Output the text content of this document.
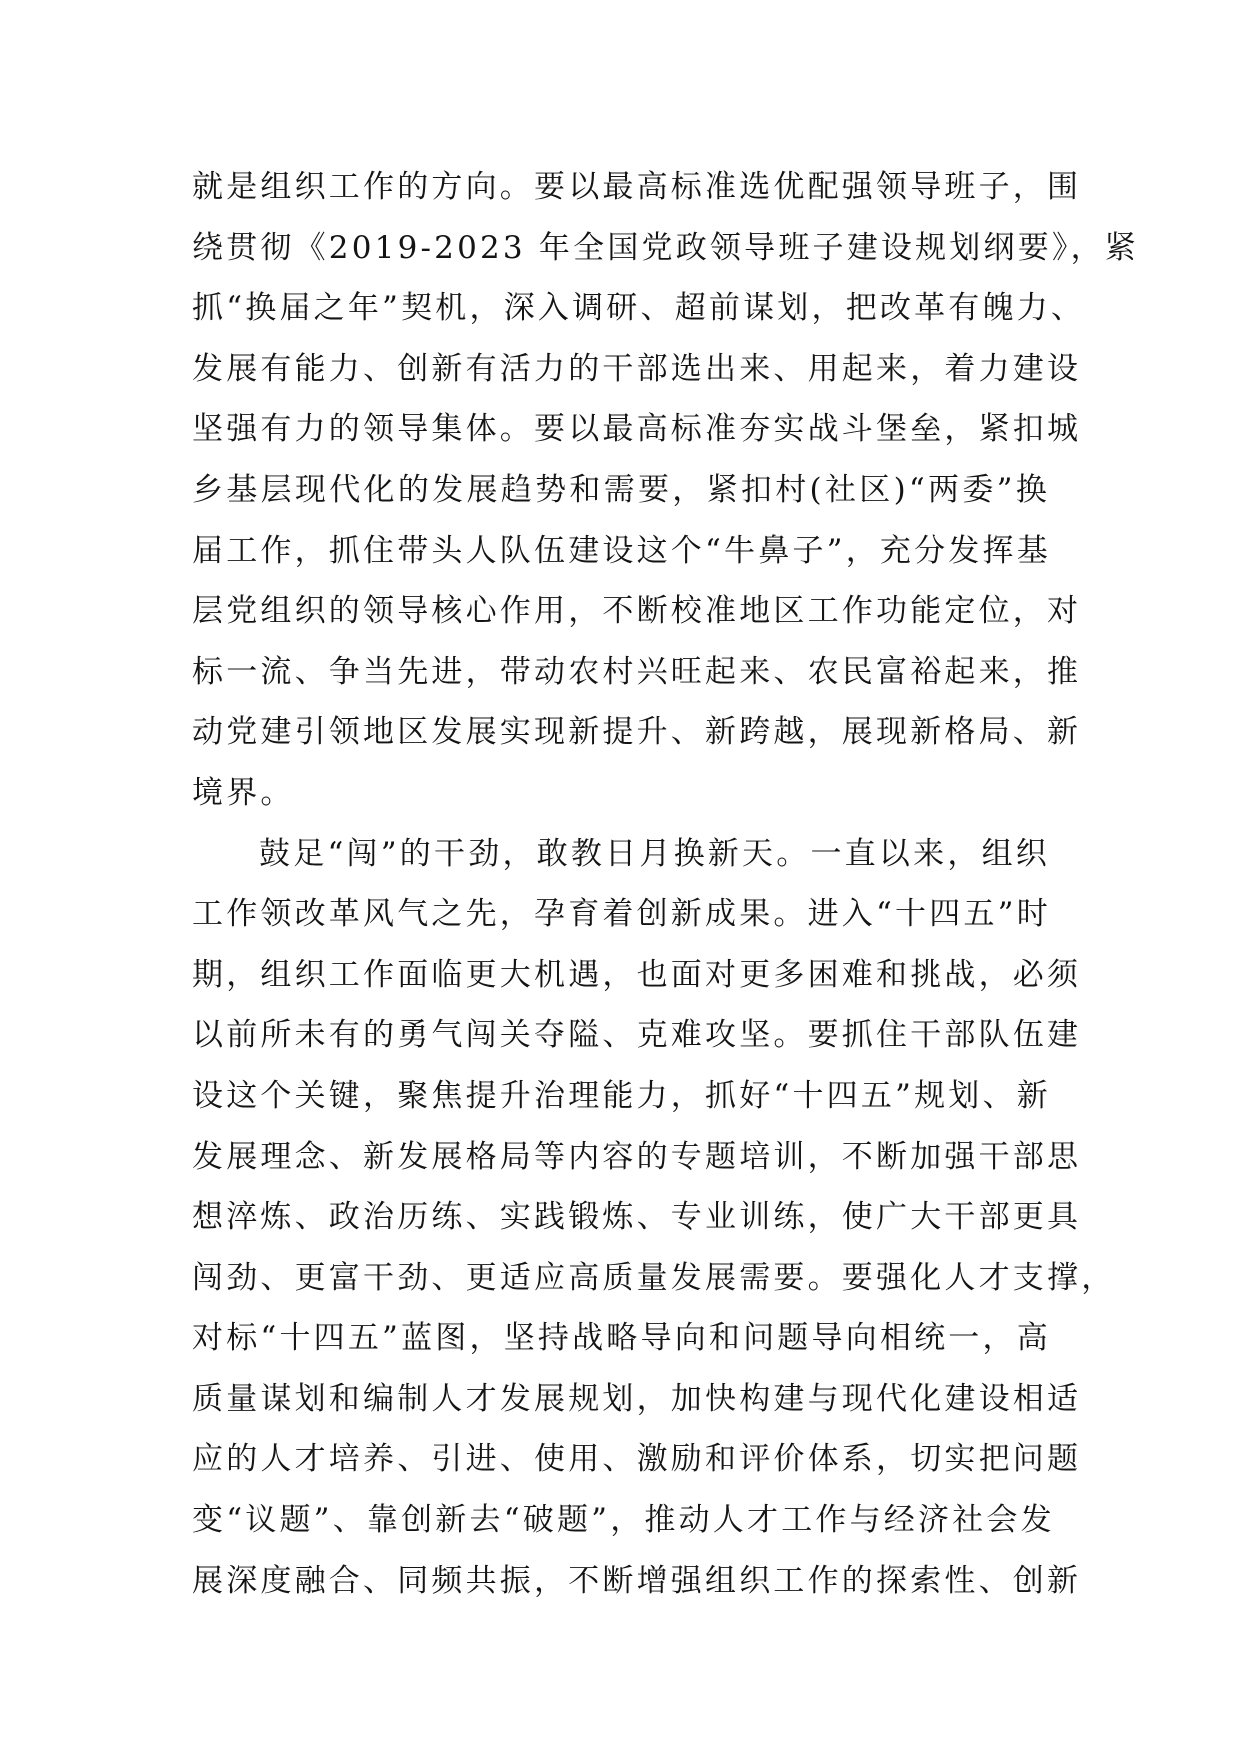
就是组织工作的方向。要以最高标准选优配强领导班子，围
绕贯彻《2019-2023 年全国党政领导班子建设规划纲要》，紧
抓“换届之年”契机，深入调研、超前谋划，把改革有魄力、
发展有能力、创新有活力的干部选出来、用起来，着力建设
坚强有力的领导集体。要以最高标准夯实战斗堡垒，紧扣城
乡基层现代化的发展趋势和需要，紧扣村(社区)“两委”换
届工作，抓住带头人队伍建设这个“牛鼻子”，充分发挥基
层党组织的领导核心作用，不断校准地区工作功能定位，对
标一流、争当先进，带动农村兴旺起来、农民富裕起来，推
动党建引领地区发展实现新提升、新跨越，展现新格局、新
境界。
鼓足“闯”的干劲，敢教日月换新天。一直以来，组织
工作领改革风气之先，孕育着创新成果。进入“十四五”时
期，组织工作面临更大机遇，也面对更多困难和挑战，必须
以前所未有的勇气闯关夺隘、克难攻坚。要抓住干部队伍建
设这个关键，聚焦提升治理能力，抓好“十四五”规划、新
发展理念、新发展格局等内容的专题培训，不断加强干部思
想淬炼、政治历练、实践锻炼、专业训练，使广大干部更具
闯劲、更富干劲、更适应高质量发展需要。要强化人才支撑，
对标“十四五”蓝图，坚持战略导向和问题导向相统一，高
质量谋划和编制人才发展规划，加快构建与现代化建设相适
应的人才培养、引进、使用、激励和评价体系，切实把问题
变“议题”、靠创新去“破题”，推动人才工作与经济社会发
展深度融合、同频共振，不断增强组织工作的探索性、创新
